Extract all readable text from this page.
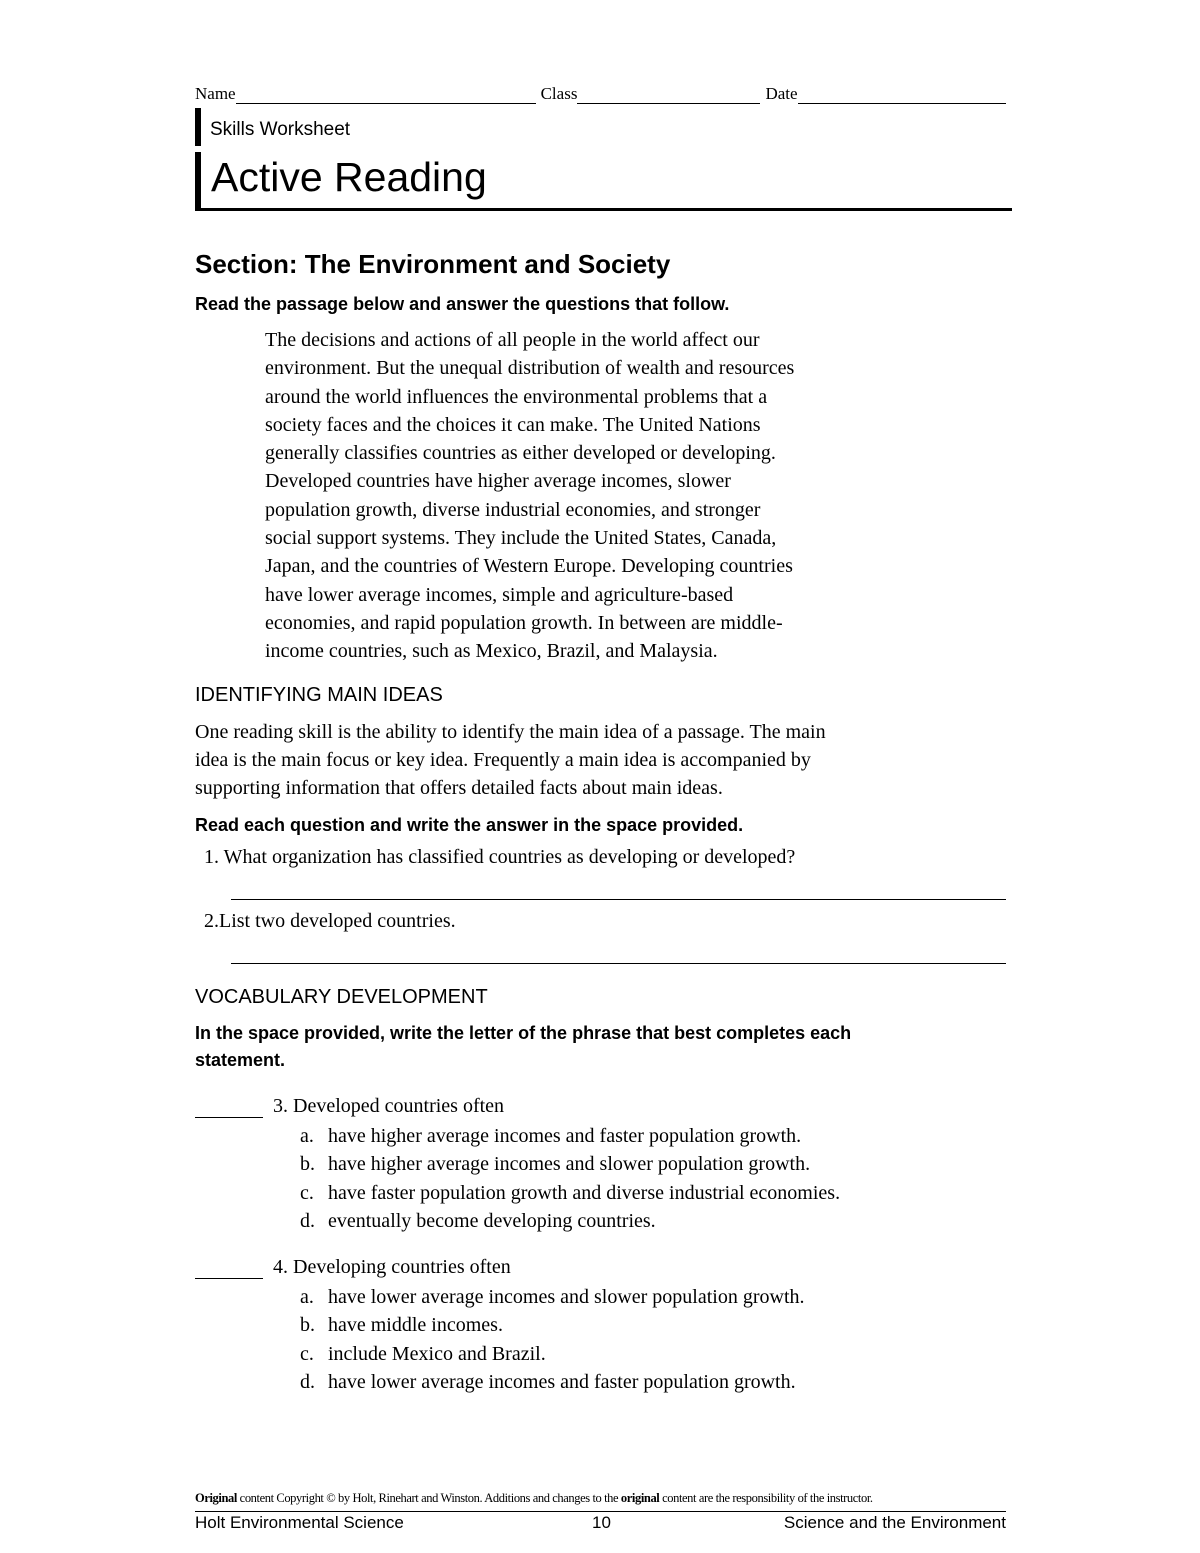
Name	Class	Date
Skills Worksheet
Active Reading
Section: The Environment and Society
Read the passage below and answer the questions that follow.

The decisions and actions of all people in the world affect our

environment. But the unequal distribution of wealth and resources

around the world influences the environmental problems that a

society faces and the choices it can make. The United Nations

generally classifies countries as either developed or developing.

Developed countries have higher average incomes, slower

population growth, diverse industrial economies, and stronger

social support systems. They include the United States, Canada,

Japan, and the countries of Western Europe. Developing countries

have lower average incomes, simple and agriculture-based

economies, and rapid population growth. In between are middle-

income countries, such as Mexico, Brazil, and Malaysia.

IDENTIFYING MAIN IDEAS
One reading skill is the ability to identify the main idea of a passage. The main
idea is the main focus or key idea. Frequently a main idea is accompanied by
supporting information that offers detailed facts about main ideas.
Read each question and write the answer in the space provided.
1. What organization has classified countries as developing or developed?
2.List two developed countries.
VOCABULARY DEVELOPMENT
In the space provided, write the letter of the phrase that best completes each
statement.
3. Developed countries often
a. have higher average incomes and faster population growth.
b. have higher average incomes and slower population growth.
c. have faster population growth and diverse industrial economies.
d. eventually become developing countries.
4. Developing countries often
a. have lower average incomes and slower population growth.
b. have middle incomes.
c. include Mexico and Brazil.
d. have lower average incomes and faster population growth.
Original content Copyright © by Holt, Rinehart and Winston. Additions and changes to the original content are the responsibility of the instructor.
Holt Environmental Science	10	Science and the Environment
